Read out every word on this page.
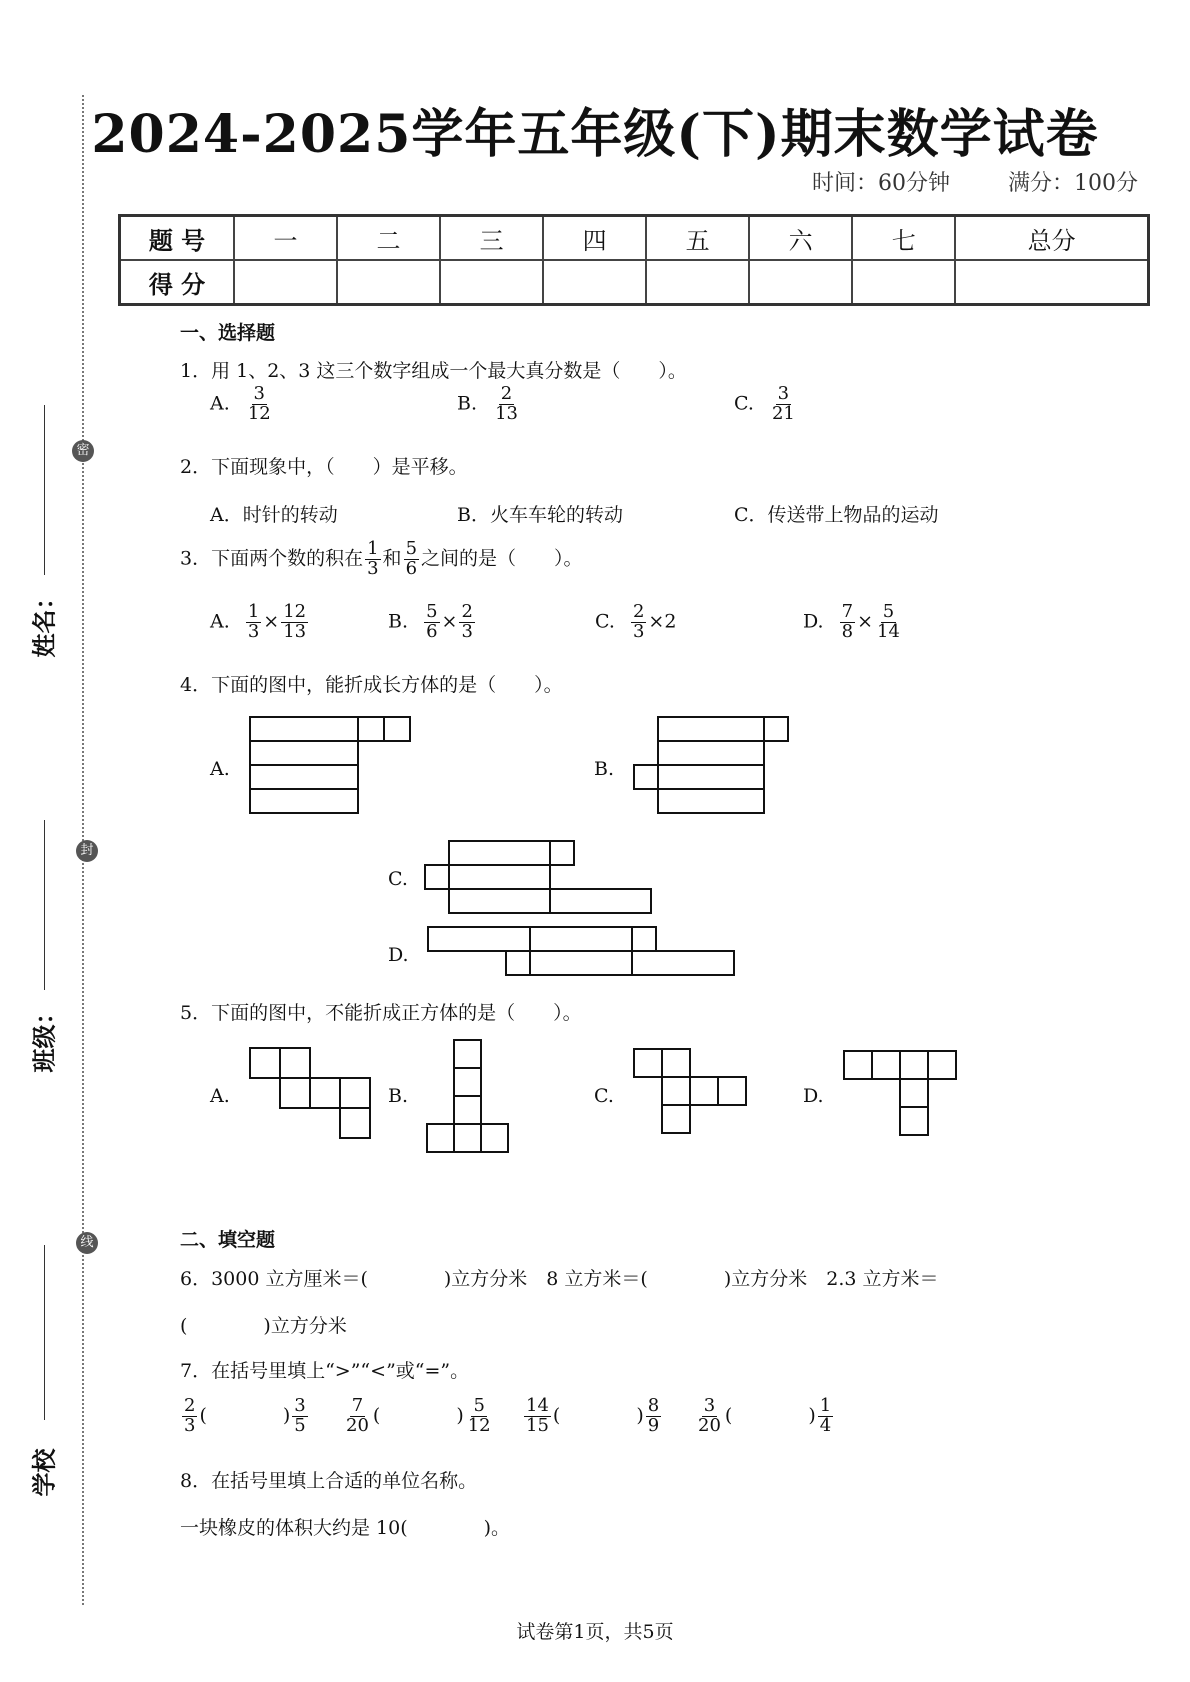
密
封
线
姓名：
班级：
学校
2024-2025学年五年级(下)期末数学试卷
时间：60分钟	满分：100分
题 号	一	二	三	四	五	六	七	总分
得 分								
一、选择题
1．用 1、2、3 这三个数字组成一个最大真分数是（　　）。
A. $\frac{3}{12}$	B. $\frac{2}{13}$	C. $\frac{3}{21}$
2．下面现象中，（　　）是平移。
A．时针的转动	B．火车车轮的转动	C．传送带上物品的运动
3．下面两个数的积在 $\frac{1}{3}$ 和 $\frac{5}{6}$ 之间的是（　　）。
A. $\frac{1}{3} \times \frac{12}{13}$	B. $\frac{5}{6} \times \frac{2}{3}$	C. $\frac{2}{3} \times 2$	D. $\frac{7}{8} \times \frac{5}{14}$
4．下面的图中，能折成长方体的是（　　）。
A.	B.
C.
D.
5．下面的图中，不能折成正方体的是（　　）。
A.	B.	C.	D.
二、填空题
6．3000 立方厘米＝(　　　　)立方分米　8 立方米＝(　　　　)立方分米　2.3 立方米＝
(　　　　)立方分米
7．在括号里填上“>”“<”或“=”。
$\frac{2}{3}$ (　　　　) $\frac{3}{5} \frac{7}{20}$ (　　　　) $\frac{5}{12} \frac{14}{15}$ (　　　　) $\frac{8}{9} \frac{3}{20}$ (　　　　) $\frac{1}{4}$
8．在括号里填上合适的单位名称。
一块橡皮的体积大约是 10(　　　　)。
试卷第1页，共5页
